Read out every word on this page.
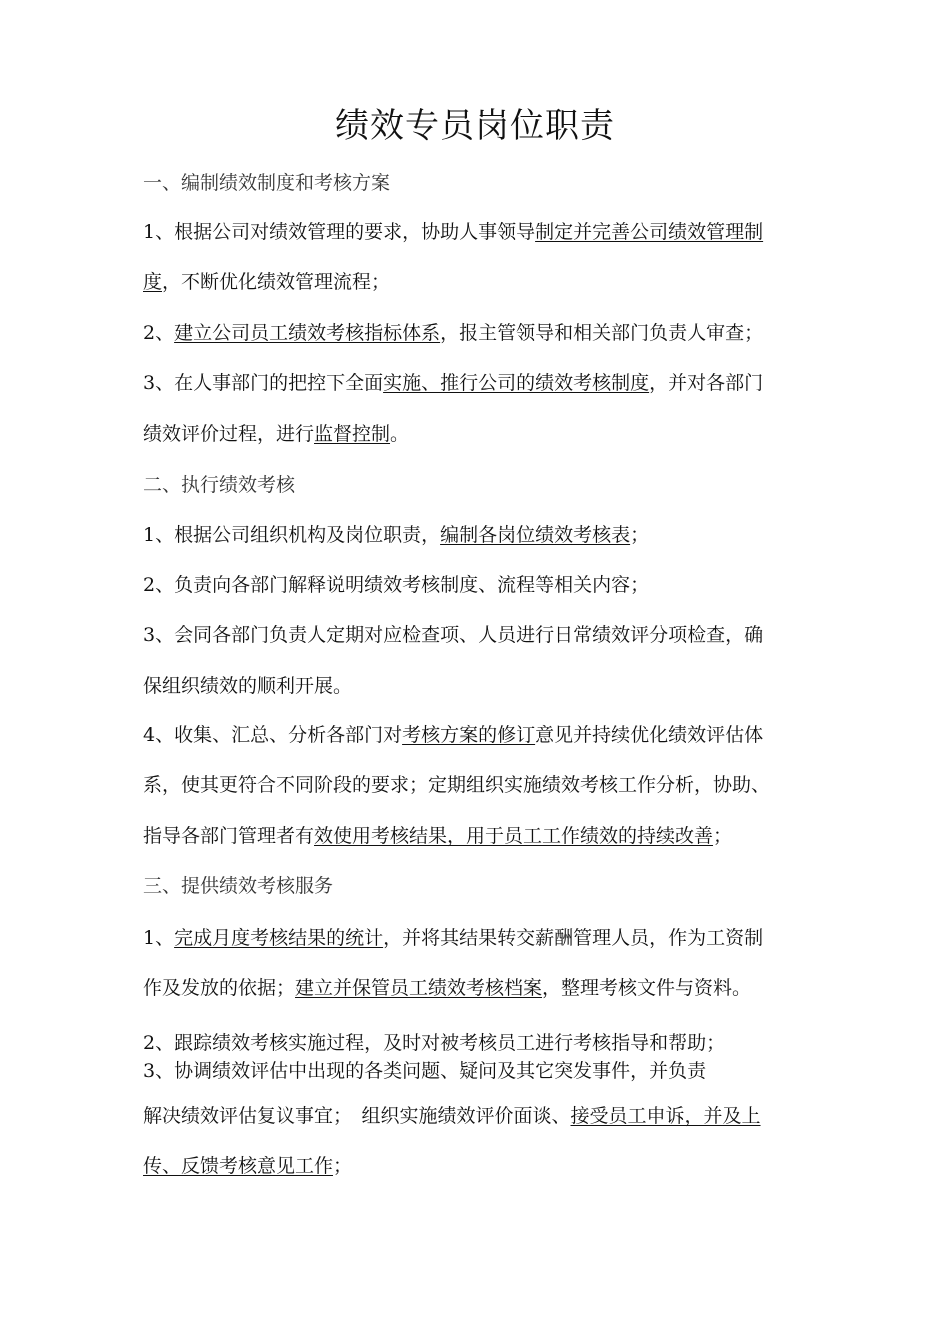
绩效专员岗位职责
一、编制绩效制度和考核方案
1、根据公司对绩效管理的要求，协助人事领导制定并完善公司绩效管理制
度，不断优化绩效管理流程；
2、建立公司员工绩效考核指标体系，报主管领导和相关部门负责人审查；
3、在人事部门的把控下全面实施、推行公司的绩效考核制度，并对各部门
绩效评价过程，进行监督控制。
二、执行绩效考核
1、根据公司组织机构及岗位职责，编制各岗位绩效考核表；
2、负责向各部门解释说明绩效考核制度、流程等相关内容；
3、会同各部门负责人定期对应检查项、人员进行日常绩效评分项检查，确
保组织绩效的顺利开展。
4、收集、汇总、分析各部门对考核方案的修订意见并持续优化绩效评估体
系，使其更符合不同阶段的要求；定期组织实施绩效考核工作分析，协助、
指导各部门管理者有效使用考核结果，用于员工工作绩效的持续改善；
三、提供绩效考核服务
1、完成月度考核结果的统计，并将其结果转交薪酬管理人员，作为工资制
作及发放的依据；建立并保管员工绩效考核档案，整理考核文件与资料。
2、跟踪绩效考核实施过程，及时对被考核员工进行考核指导和帮助；
3、协调绩效评估中出现的各类问题、疑问及其它突发事件，并负责
解决绩效评估复议事宜；　组织实施绩效评价面谈、接受员工申诉，并及上
传、反馈考核意见工作；
